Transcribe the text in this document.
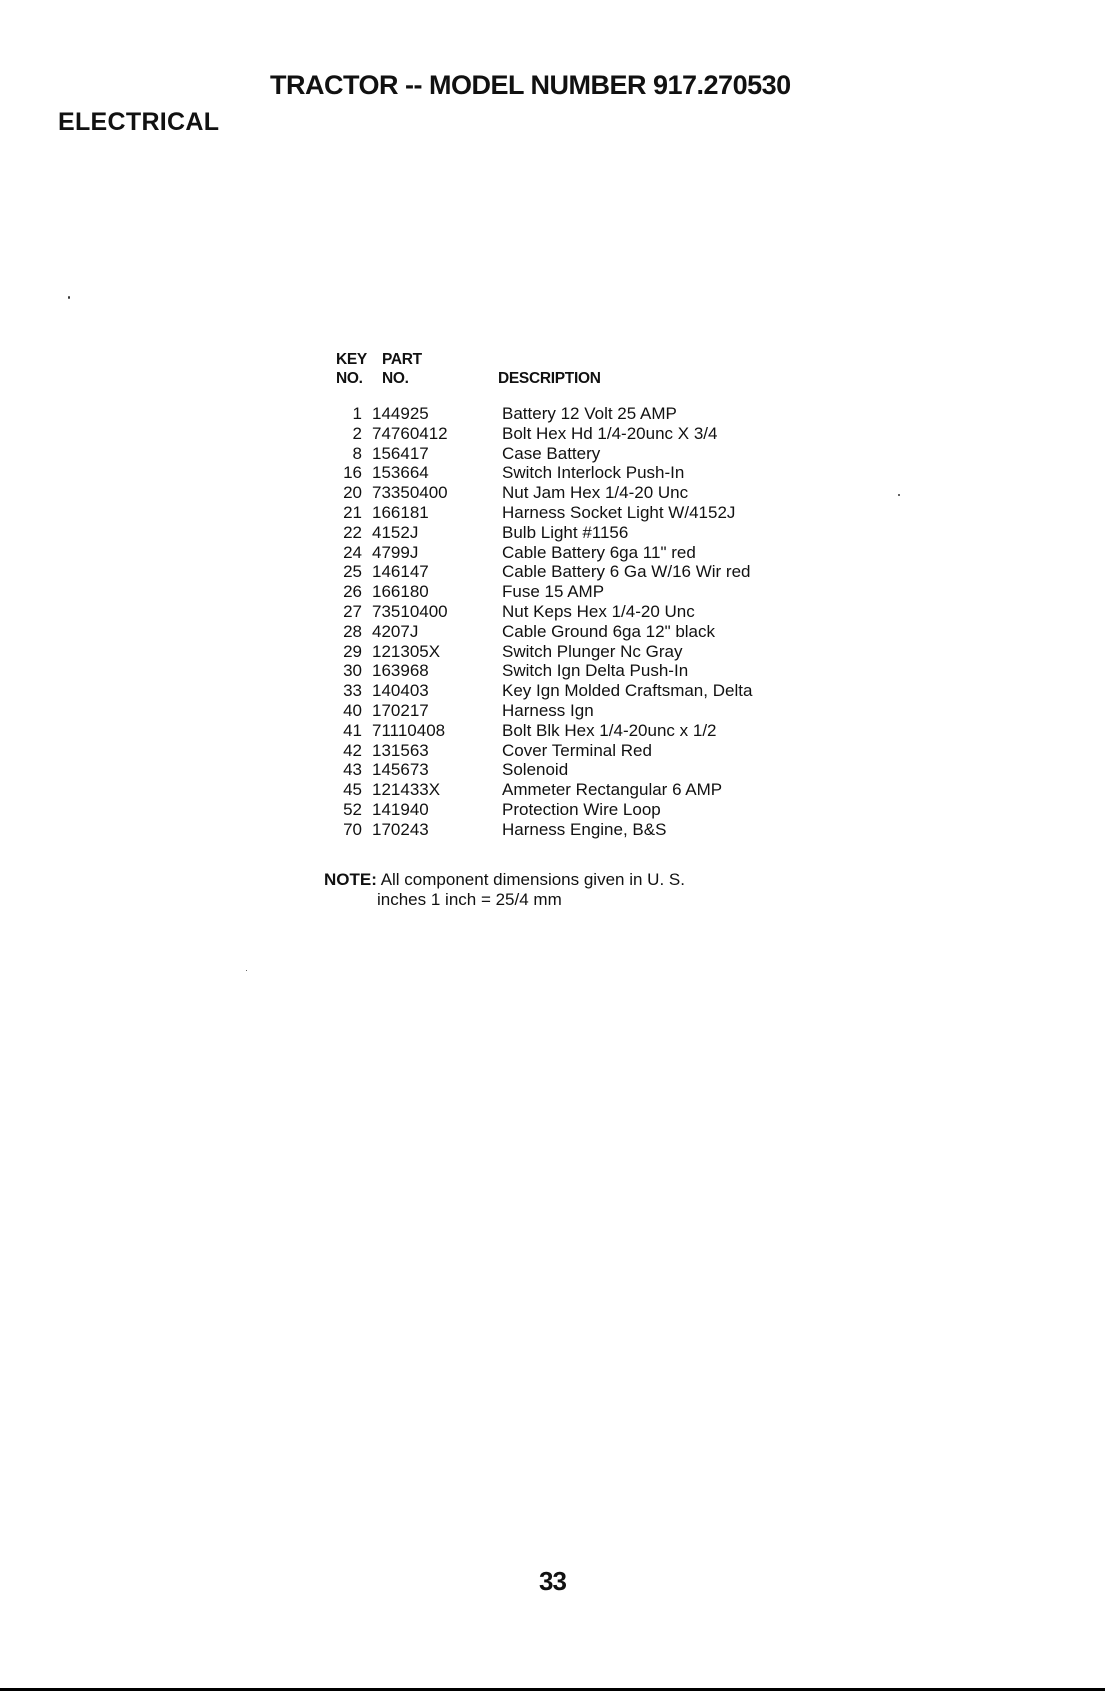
TRACTOR -- MODEL NUMBER 917.270530
ELECTRICAL
KEY
NO.
PART
NO.	DESCRIPTION
1 144925	Battery 12 Volt 25 AMP
2 74760412	Bolt Hex Hd 1/4-20unc X 3/4
8 156417	Case Battery
16 153664	Switch Interlock Push-In
20 73350400	Nut Jam Hex 1/4-20 Unc
21 166181	Harness Socket Light W/4152J
22 4152J	Bulb Light #1156
24 4799J	Cable Battery 6ga 11" red
25 146147	Cable Battery 6 Ga W/16 Wir red
26 166180	Fuse 15 AMP
27 73510400	Nut Keps Hex 1/4-20 Unc
28 4207J	Cable Ground 6ga 12" black
29 121305X	Switch Plunger Nc Gray
30 163968	Switch Ign Delta Push-In
33 140403	Key Ign Molded Craftsman, Delta
40 170217	Harness Ign
41 71110408	Bolt Blk Hex 1/4-20unc x 1/2
42 131563	Cover Terminal Red
43 145673	Solenoid
45 121433X	Ammeter Rectangular 6 AMP
52 141940	Protection Wire Loop
70 170243	Harness Engine, B&S
NOTE: All component dimensions given in U. S.
inches 1 inch = 25/4 mm
33
